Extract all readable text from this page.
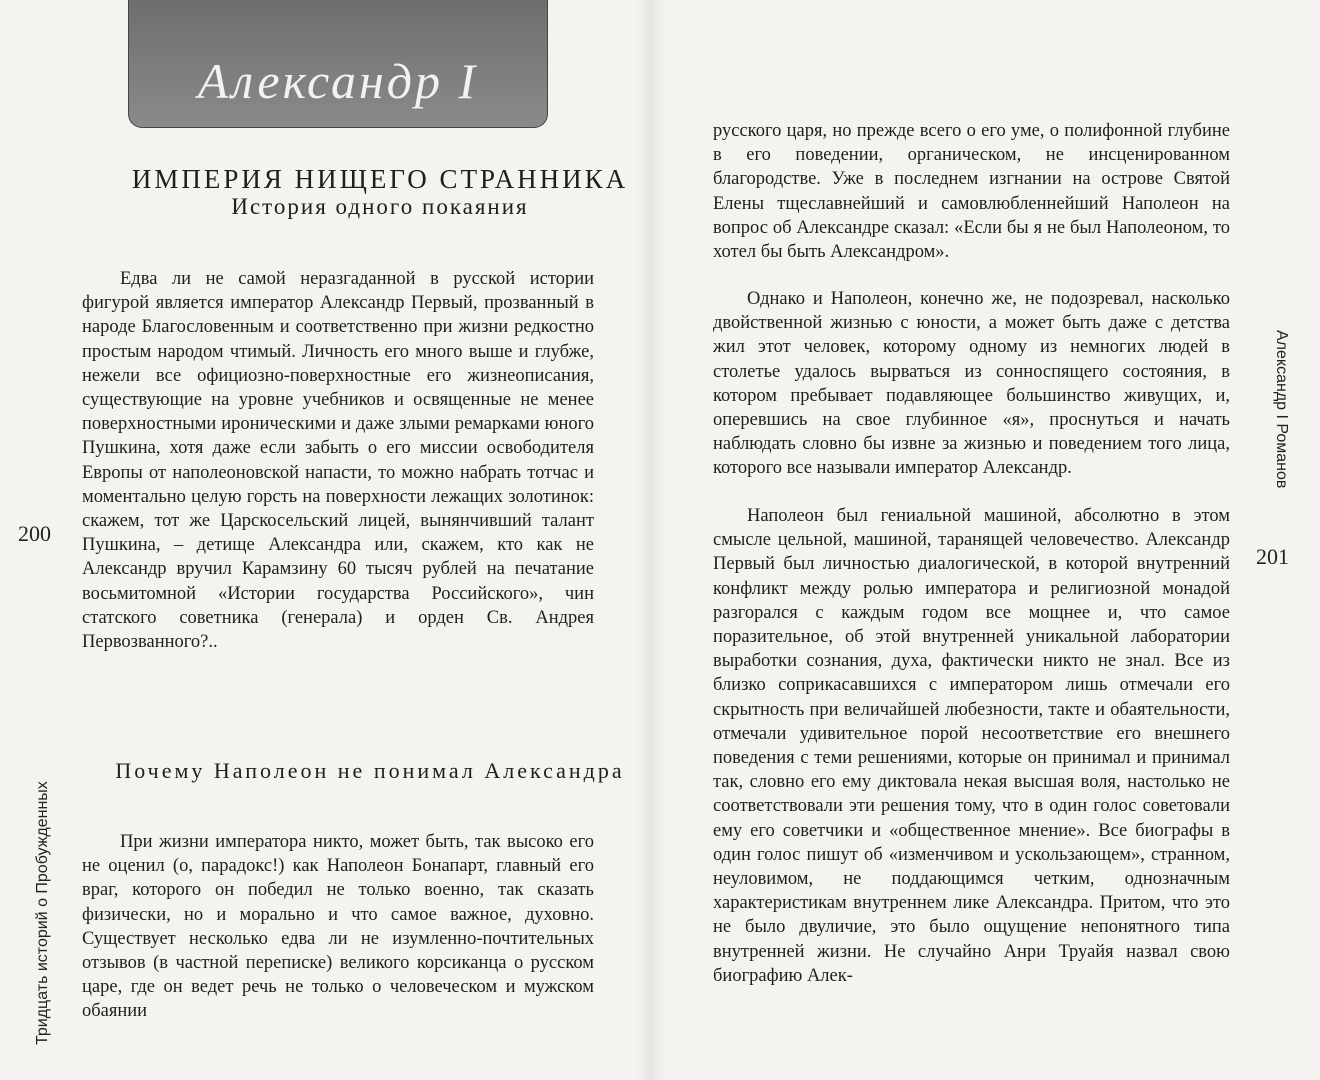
Александр I
ИМПЕРИЯ НИЩЕГО СТРАННИКА
История одного покаяния

Едва ли не самой неразгаданной в русской истории фигурой является император Александр Первый, прозванный в народе Благословенным и соответственно при жизни редкостно простым народом чтимый. Личность его много выше и глубже, нежели все официозно-поверхностные его жизнеописания, существующие на уровне учебников и освященные не менее поверхностными ироническими и даже злыми ремарками юного Пушкина, хотя даже если забыть о его миссии освободителя Европы от наполеоновской напасти, то можно набрать тотчас и моментально целую горсть на поверхности лежащих золотинок: скажем, тот же Царскосельский лицей, вынянчивший талант Пушкина, – детище Александра или, скажем, кто как не Александр вручил Карамзину 60 тысяч рублей на печатание восьмитомной «Истории государства Российского», чин статского советника (генерала) и орден Св. Андрея Первозванного?..

Почему Наполеон не понимал Александра

При жизни императора никто, может быть, так высоко его не оценил (о, парадокс!) как Наполеон Бонапарт, главный его враг, которого он победил не только военно, так сказать физически, но и морально и что самое важное, духовно. Существует несколько едва ли не изумленно-почтительных отзывов (в частной переписке) великого корсиканца о русском царе, где он ведет речь не только о человеческом и мужском обаянии

200

Тридцать историй о Пробужденных

русского царя, но прежде всего о его уме, о полифонной глубине в его поведении, органическом, не инсценированном благородстве. Уже в последнем изгнании на острове Святой Елены тщеславнейший и самовлюбленнейший Наполеон на вопрос об Александре сказал: «Если бы я не был Наполеоном, то хотел бы быть Александром».

Однако и Наполеон, конечно же, не подозревал, насколько двойственной жизнью с юности, а может быть даже с детства жил этот человек, которому одному из немногих людей в столетье удалось вырваться из сонноспящего состояния, в котором пребывает подавляющее большинство живущих, и, оперевшись на свое глубинное «я», проснуться и начать наблюдать словно бы извне за жизнью и поведением того лица, которого все называли император Александр.

Наполеон был гениальной машиной, абсолютно в этом смысле цельной, машиной, таранящей человечество. Александр Первый был личностью диалогической, в которой внутренний конфликт между ролью императора и религиозной монадой разгорался с каждым годом все мощнее и, что самое поразительное, об этой внутренней уникальной лаборатории выработки сознания, духа, фактически никто не знал. Все из близко соприкасавшихся с императором лишь отмечали его скрытность при величайшей любезности, такте и обаятельности, отмечали удивительное порой несоответствие его внешнего поведения с теми решениями, которые он принимал и принимал так, словно его ему диктовала некая высшая воля, настолько не соответствовали эти решения тому, что в один голос советовали ему его советчики и «общественное мнение». Все биографы в один голос пишут об «изменчивом и ускользающем», странном, неуловимом, не поддающимся четким, однозначным характеристикам внутреннем лике Александра. Притом, что это не было двуличие, это было ощущение непонятного типа внутренней жизни. Не случайно Анри Труайя назвал свою биографию Алек-

201

Александр I Романов
